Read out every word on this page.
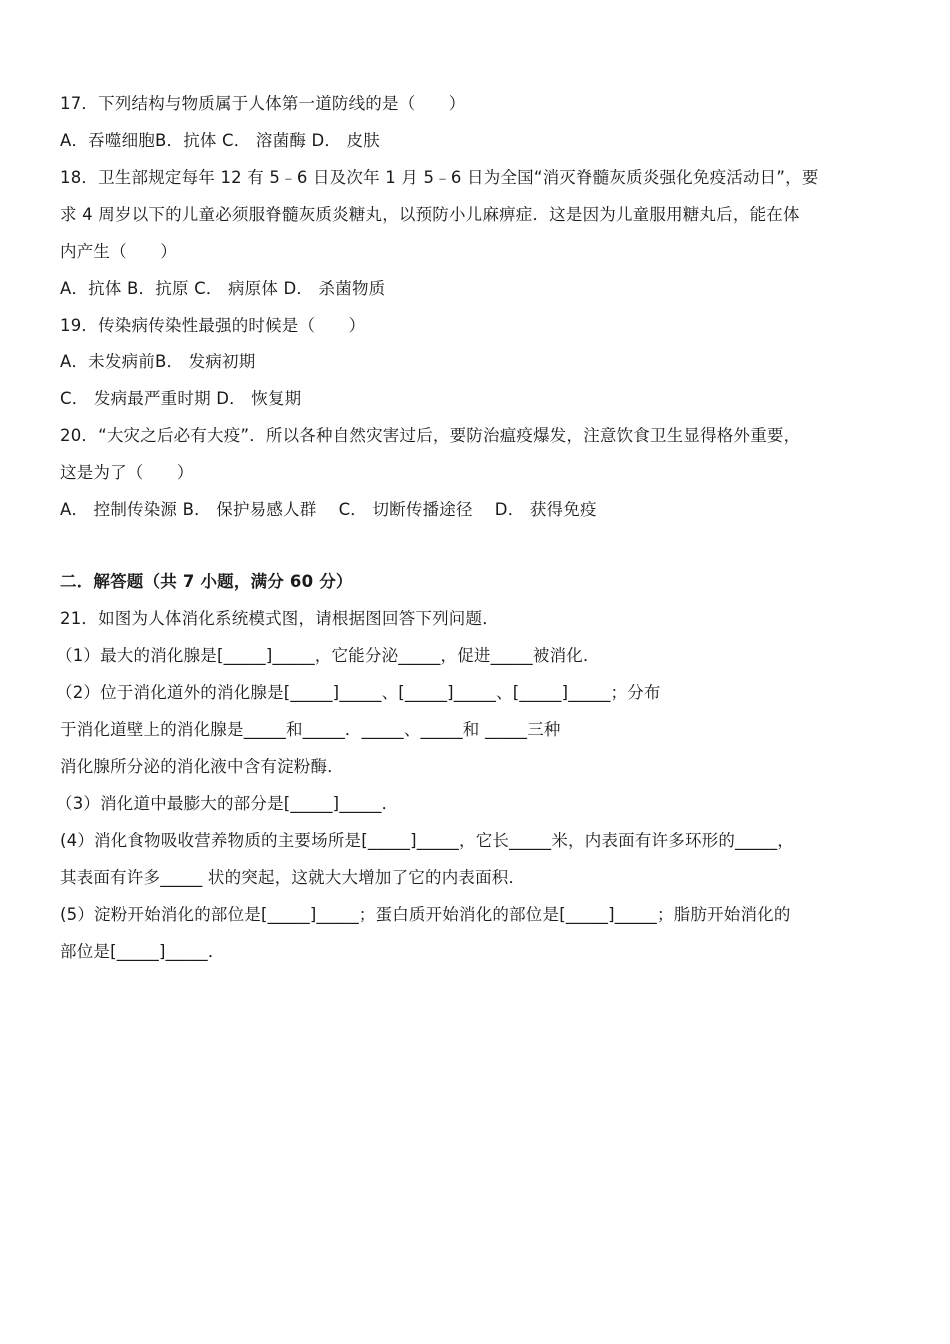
17．下列结构与物质属于人体第一道防线的是（　　）
A．吞噬细胞B．抗体 C． 溶菌酶 D． 皮肤
18．卫生部规定每年 12 有 5﹣6 日及次年 1 月 5﹣6 日为全国“消灭脊髓灰质炎强化免疫活动日”，要
求 4 周岁以下的儿童必须服脊髓灰质炎糖丸，以预防小儿麻痹症．这是因为儿童服用糖丸后，能在体
内产生（　　）
A．抗体 B．抗原 C． 病原体 D． 杀菌物质
19．传染病传染性最强的时候是（　　）
A．未发病前B． 发病初期
C． 发病最严重时期 D． 恢复期
20．“大灾之后必有大疫”．所以各种自然灾害过后，要防治瘟疫爆发，注意饮食卫生显得格外重要，
这是为了（　　）
A． 控制传染源 B． 保护易感人群　 C． 切断传播途径　 D． 获得免疫
二．解答题（共 7 小题，满分 60 分）
21．如图为人体消化系统模式图，请根据图回答下列问题．
（1）最大的消化腺是[_____]_____，它能分泌_____，促进_____被消化．
（2）位于消化道外的消化腺是[_____]_____、[_____]_____、[_____]_____；分布
于消化道壁上的消化腺是_____和_____．_____、_____和 _____三种
消化腺所分泌的消化液中含有淀粉酶．
（3）消化道中最膨大的部分是[_____]_____．
(4）消化食物吸收营养物质的主要场所是[_____]_____，它长_____米，内表面有许多环形的_____，
其表面有许多_____ 状的突起，这就大大增加了它的内表面积．
(5）淀粉开始消化的部位是[_____]_____；蛋白质开始消化的部位是[_____]_____；脂肪开始消化的
部位是[_____]_____．
